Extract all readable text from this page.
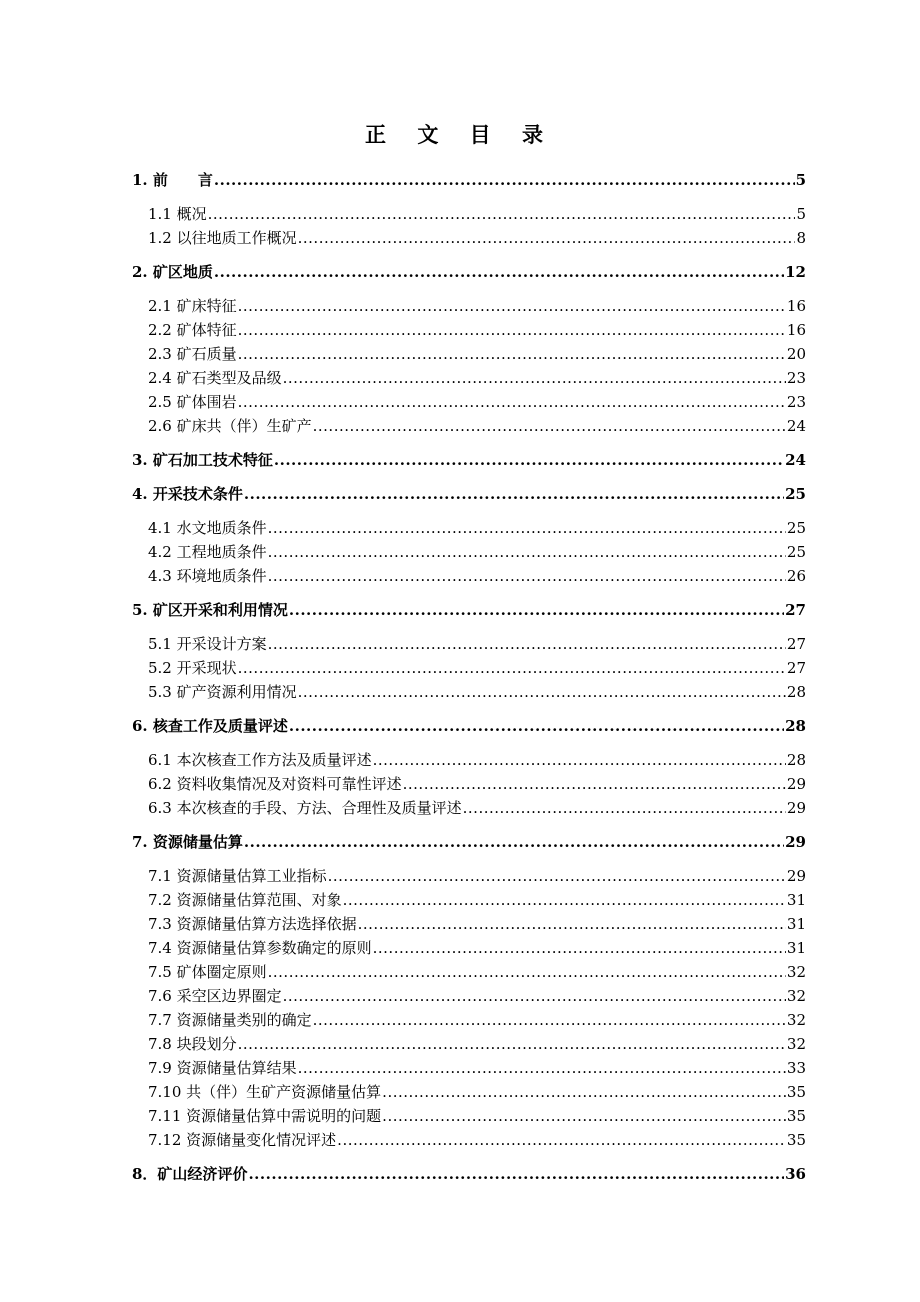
正 文 目 录
1. 前　　言 .....	5
1.1 概况 .....	5
1.2 以往地质工作概况 .....	8
2. 矿区地质 .....	12
2.1 矿床特征 .....	16
2.2 矿体特征 .....	16
2.3 矿石质量 .....	20
2.4 矿石类型及品级 .....	23
2.5 矿体围岩 .....	23
2.6 矿床共（伴）生矿产 .....	24
3. 矿石加工技术特征 .....	24
4. 开采技术条件 .....	25
4.1 水文地质条件 .....	25
4.2 工程地质条件 .....	25
4.3 环境地质条件 .....	26
5. 矿区开采和利用情况 .....	27
5.1 开采设计方案 .....	27
5.2 开采现状 .....	27
5.3 矿产资源利用情况 .....	28
6. 核查工作及质量评述 .....	28
6.1 本次核查工作方法及质量评述 .....	28
6.2 资料收集情况及对资料可靠性评述 .....	29
6.3 本次核查的手段、方法、合理性及质量评述 .....	29
7. 资源储量估算 .....	29
7.1 资源储量估算工业指标 .....	29
7.2 资源储量估算范围、对象 .....	31
7.3 资源储量估算方法选择依据 .....	31
7.4 资源储量估算参数确定的原则 .....	31
7.5 矿体圈定原则 .....	32
7.6 采空区边界圈定 .....	32
7.7 资源储量类别的确定 .....	32
7.8 块段划分 .....	32
7.9 资源储量估算结果 .....	33
7.10 共（伴）生矿产资源储量估算 .....	35
7.11 资源储量估算中需说明的问题 .....	35
7.12 资源储量变化情况评述 .....	35
8．矿山经济评价 .....	36
